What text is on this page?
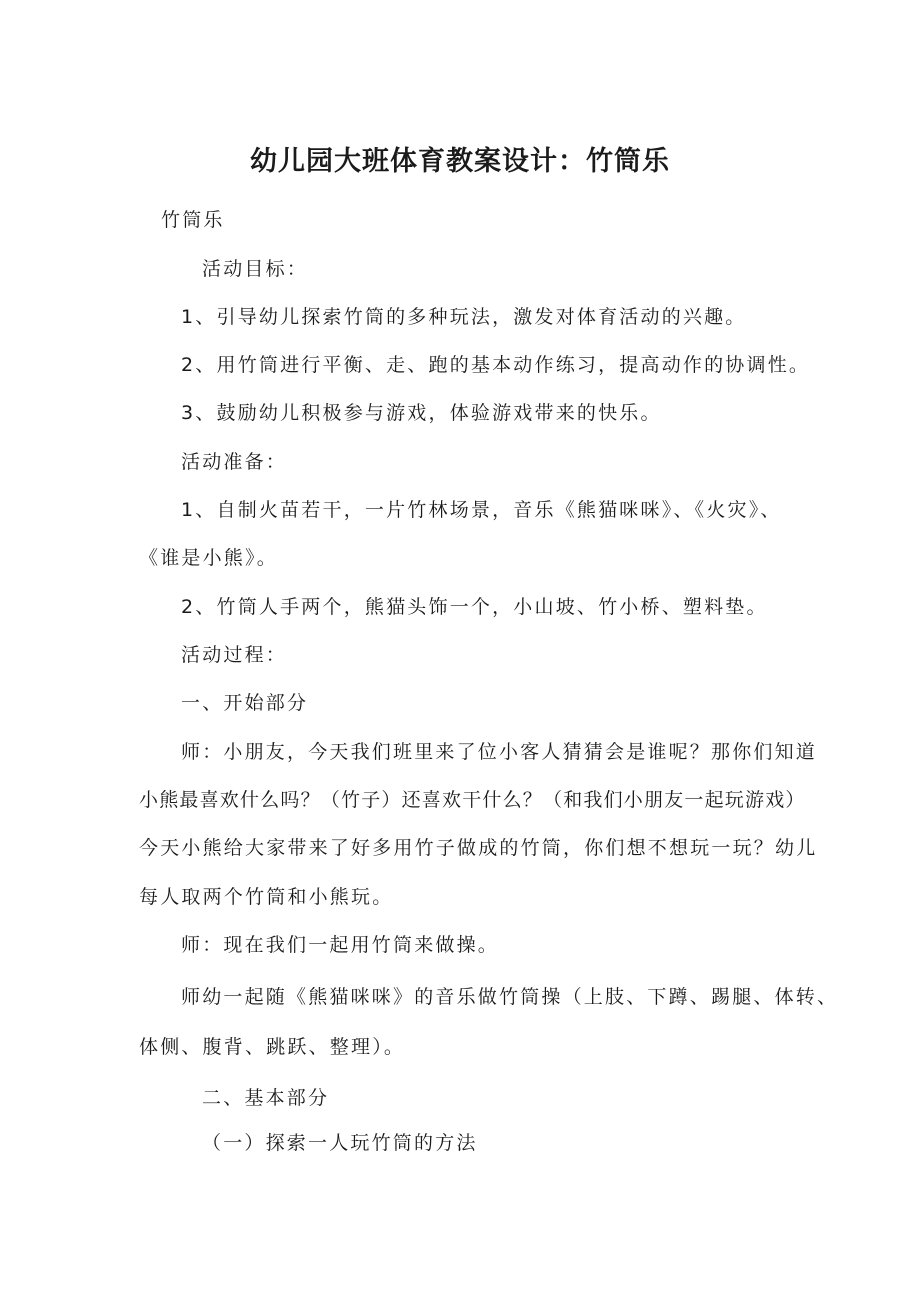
幼儿园大班体育教案设计：竹筒乐
竹筒乐
活动目标：
1、引导幼儿探索竹筒的多种玩法，激发对体育活动的兴趣。
2、用竹筒进行平衡、走、跑的基本动作练习，提高动作的协调性。
3、鼓励幼儿积极参与游戏，体验游戏带来的快乐。
活动准备：
1、自制火苗若干，一片竹林场景，音乐《熊猫咪咪》、《火灾》、
《谁是小熊》。
2、竹筒人手两个，熊猫头饰一个，小山坡、竹小桥、塑料垫。
活动过程：
一、开始部分
师：小朋友，今天我们班里来了位小客人猜猜会是谁呢？那你们知道
小熊最喜欢什么吗？（竹子）还喜欢干什么？（和我们小朋友一起玩游戏）
今天小熊给大家带来了好多用竹子做成的竹筒，你们想不想玩一玩？幼儿
每人取两个竹筒和小熊玩。
师：现在我们一起用竹筒来做操。
师幼一起随《熊猫咪咪》的音乐做竹筒操（上肢、下蹲、踢腿、体转、
体侧、腹背、跳跃、整理）。
二、基本部分
（一）探索一人玩竹筒的方法
